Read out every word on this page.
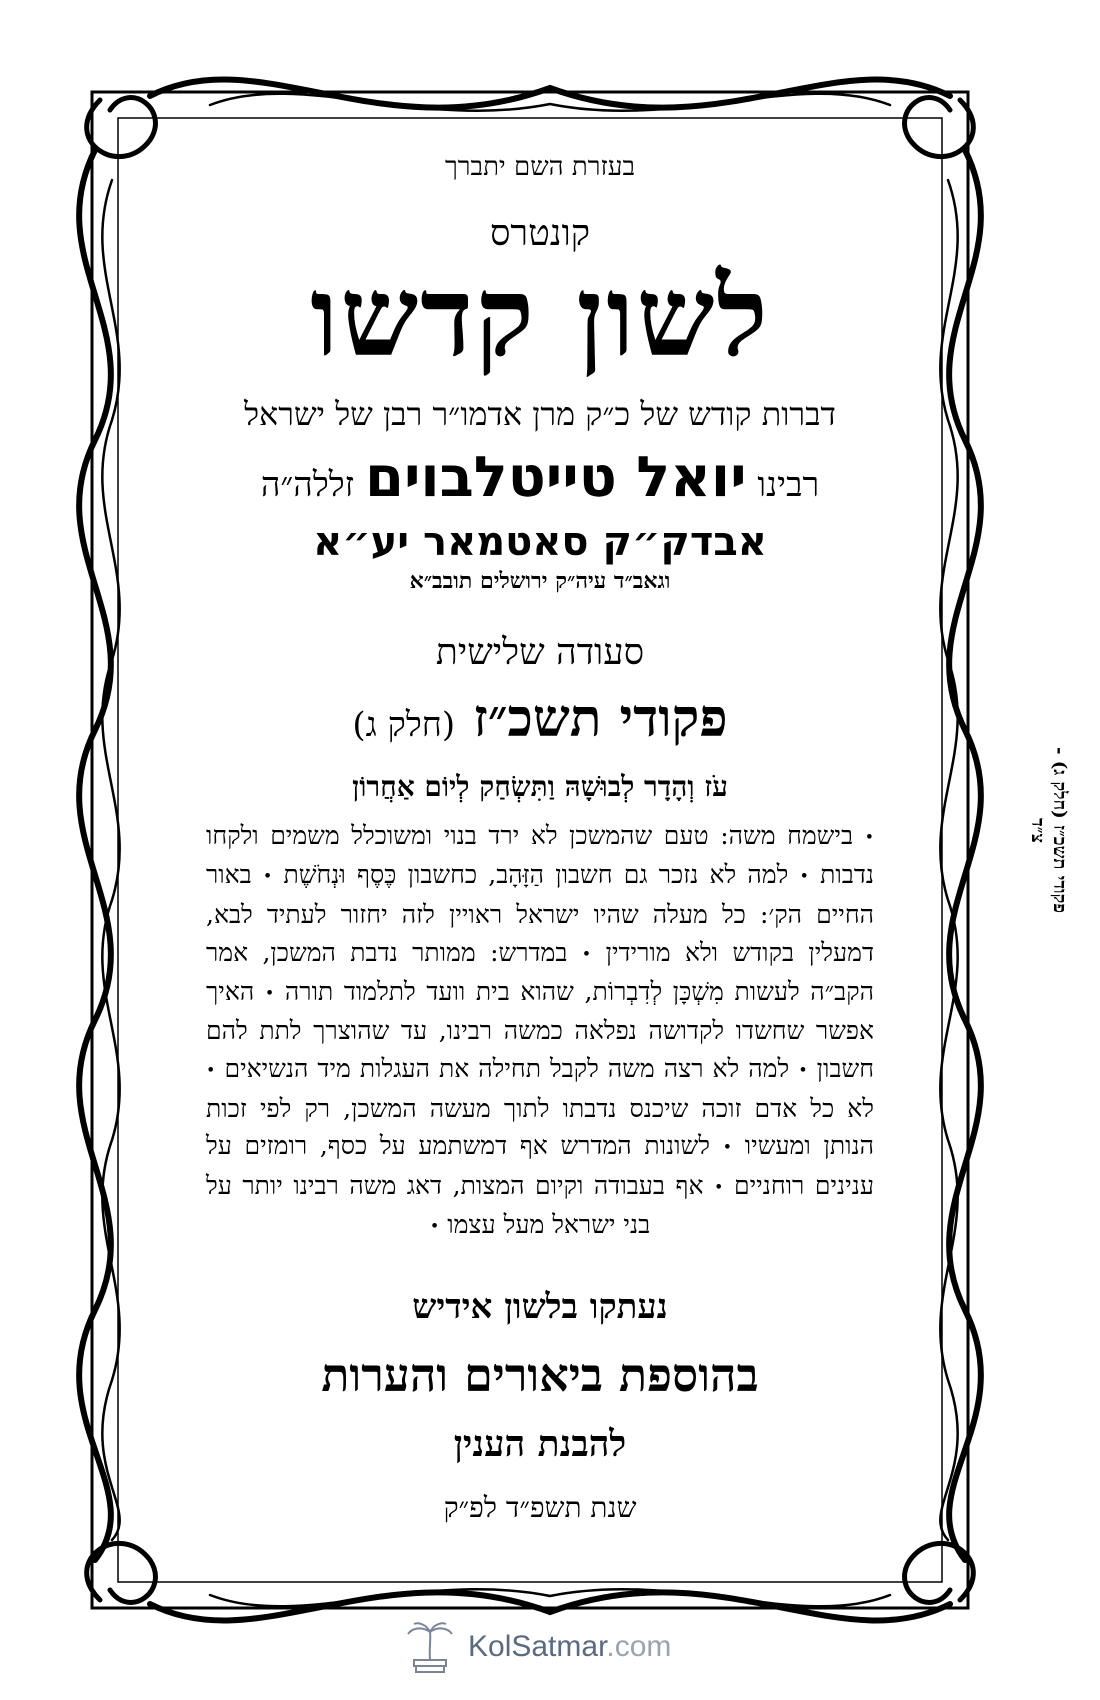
בעזרת השם יתברך

קונטרס

לשון קדשו

דברות קודש של כ״ק מרן אדמו״ר רבן של ישראל

רבינו יואל טייטלבוים זללה״ה

אבדק״ק סאטמאר יע״א

וגאב״ד עיה״ק ירושלים תובב״א

סעודה שלישית

פקודי תשכ״ז (חלק ג)

עֹז וְהָדָר לְבוּשָׁהּ וַתִּשְׂחַק לְיוֹם אַחֲרוֹן

• בישמח משה: טעם שהמשכן לא ירד בנוי ומשוכלל משמים ולקחו נדבות • למה לא נזכר גם חשבון הַזָּהָב, כחשבון כֶּסֶף וּנְחֹשֶׁת • באור החיים הק׳: כל מעלה שהיו ישראל ראויין לזה יחזור לעתיד לבא, דמעלין בקודש ולא מורידין • במדרש: ממותר נדבת המשכן, אמר הקב״ה לעשות מִשְׁכָּן לְדִבְרוֹת, שהוא בית וועד לתלמוד תורה • האיך אפשר שחשדו לקדושה נפלאה כמשה רבינו, עד שהוצרך לתת להם חשבון • למה לא רצה משה לקבל תחילה את העגלות מיד הנשיאים • לא כל אדם זוכה שיכנס נדבתו לתוך מעשה המשכן, רק לפי זכות הנותן ומעשיו • לשונות המדרש אף דמשתמע על כסף, רומזים על ענינים רוחניים • אף בעבודה וקיום המצות, דאג משה רבינו יותר על בני ישראל מעל עצמו •

נעתקו בלשון אידיש

בהוספת ביאורים והערות

להבנת הענין

שנת תשפ״ד לפ״ק

פקודי תשכ״ז (חלק ג) - צ״ד
KolSatmar.com
